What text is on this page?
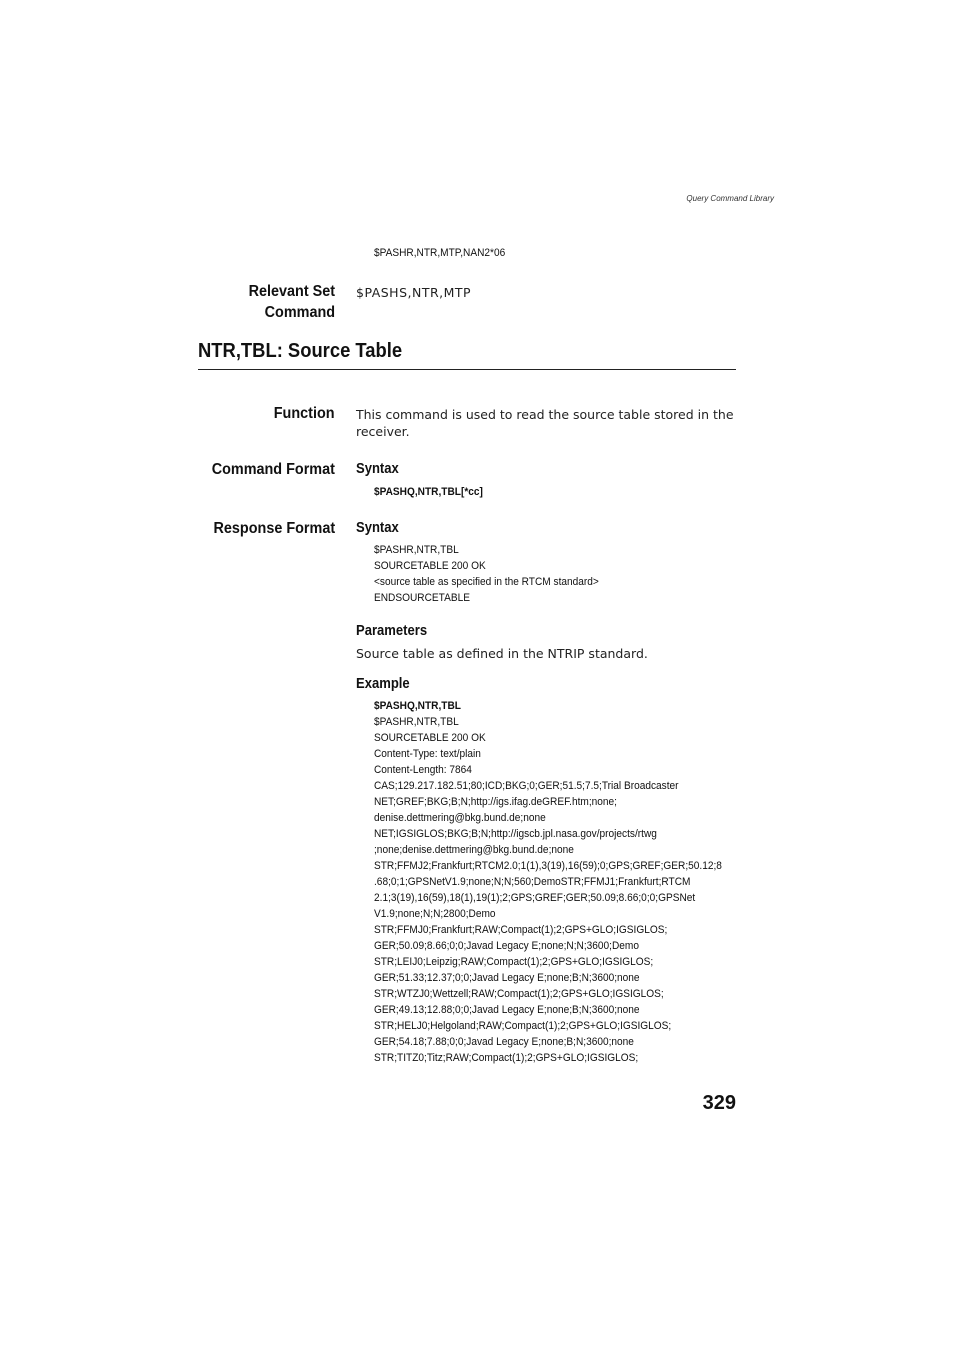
Query Command Library
$PASHR,NTR,MTP,NAN2*06
Relevant Set
Command
$PASHS,NTR,MTP
NTR,TBL: Source Table
Function This command is used to read the source table stored in the receiver.
Command Format Syntax
$PASHQ,NTR,TBL[*cc]
Response Format Syntax
$PASHR,NTR,TBL
SOURCETABLE 200 OK
<source table as specified in the RTCM standard>
ENDSOURCETABLE
Parameters
Source table as defined in the NTRIP standard.
Example
$PASHQ,NTR,TBL
$PASHR,NTR,TBL
SOURCETABLE 200 OK
Content-Type: text/plain
Content-Length: 7864
CAS;129.217.182.51;80;ICD;BKG;0;GER;51.5;7.5;Trial Broadcaster
NET;GREF;BKG;B;N;http://igs.ifag.deGREF.htm;none;
denise.dettmering@bkg.bund.de;none
NET;IGSIGLOS;BKG;B;N;http://igscb.jpl.nasa.gov/projects/rtwg
;none;denise.dettmering@bkg.bund.de;none
STR;FFMJ2;Frankfurt;RTCM2.0;1(1),3(19),16(59);0;GPS;GREF;GER;50.12;8
.68;0;1;GPSNetV1.9;none;N;N;560;DemoSTR;FFMJ1;Frankfurt;RTCM
2.1;3(19),16(59),18(1),19(1);2;GPS;GREF;GER;50.09;8.66;0;0;GPSNet
V1.9;none;N;N;2800;Demo
STR;FFMJ0;Frankfurt;RAW;Compact(1);2;GPS+GLO;IGSIGLOS;
GER;50.09;8.66;0;0;Javad Legacy E;none;N;N;3600;Demo
STR;LEIJ0;Leipzig;RAW;Compact(1);2;GPS+GLO;IGSIGLOS;
GER;51.33;12.37;0;0;Javad Legacy E;none;B;N;3600;none
STR;WTZJ0;Wettzell;RAW;Compact(1);2;GPS+GLO;IGSIGLOS;
GER;49.13;12.88;0;0;Javad Legacy E;none;B;N;3600;none
STR;HELJ0;Helgoland;RAW;Compact(1);2;GPS+GLO;IGSIGLOS;
GER;54.18;7.88;0;0;Javad Legacy E;none;B;N;3600;none
STR;TITZ0;Titz;RAW;Compact(1);2;GPS+GLO;IGSIGLOS;
329
